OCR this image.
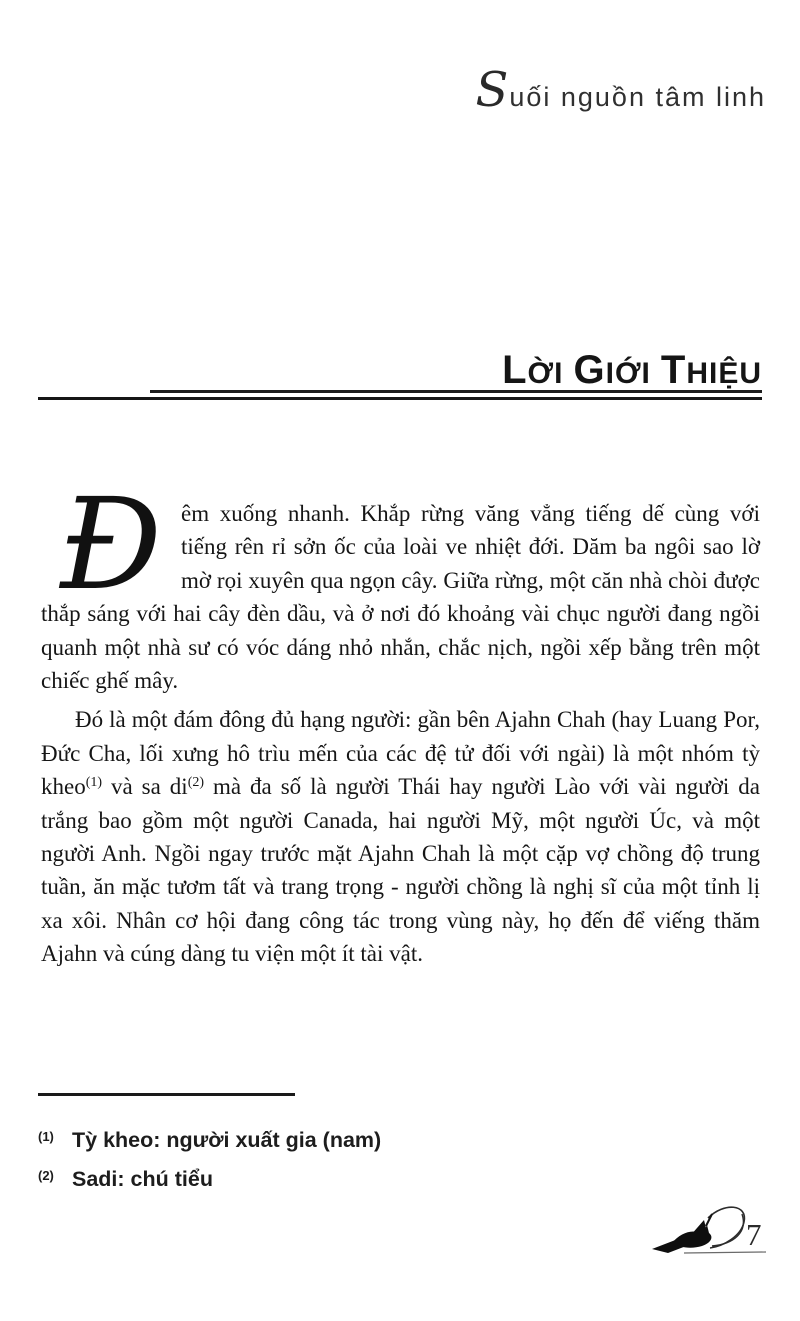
S uối nguồn tâm linh
LỜI GIỚI THIỆU

Đêm xuống nhanh. Khắp rừng văng vẳng tiếng dế cùng với tiếng rên rỉ sởn ốc của loài ve nhiệt đới. Dăm ba ngôi sao lờ mờ rọi xuyên qua ngọn cây. Giữa rừng, một căn nhà chòi được thắp sáng với hai cây đèn dầu, và ở nơi đó khoảng vài chục người đang ngồi quanh một nhà sư có vóc dáng nhỏ nhắn, chắc nịch, ngồi xếp bằng trên một chiếc ghế mây.

Đó là một đám đông đủ hạng người: gần bên Ajahn Chah (hay Luang Por, Đức Cha, lối xưng hô trìu mến của các đệ tử đối với ngài) là một nhóm tỳ kheo$^{(1)}$ và sa $di^{(2)}$ mà đa số là người Thái hay người Lào với vài người da trắng bao gồm một người Canada, hai người Mỹ, một người Úc, và một người Anh. Ngồi ngay trước mặt Ajahn Chah là một cặp vợ chồng độ trung tuần, ăn mặc tươm tất và trang trọng - người chồng là nghị sĩ của một tỉnh lị xa xôi. Nhân cơ hội đang công tác trong vùng này, họ đến để viếng thăm Ajahn và cúng dàng tu viện một ít tài vật.

(1) Tỳ kheo: người xuất gia (nam)
(2) Sadi: chú tiểu
7
